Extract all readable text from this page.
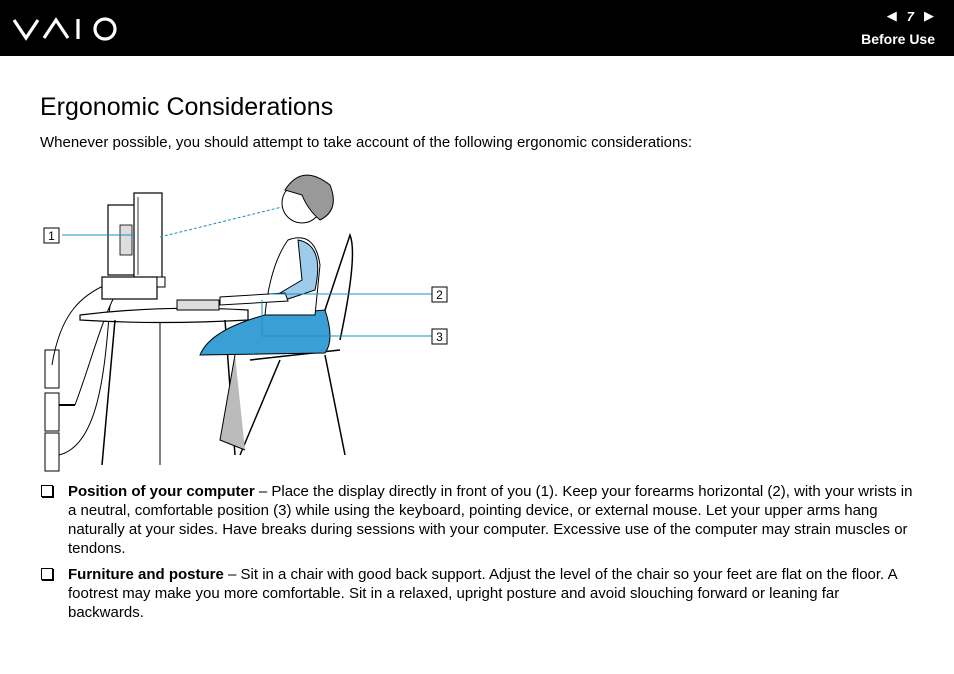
◀ 7 ▶
Before Use
Ergonomic Considerations

Whenever possible, you should attempt to take account of the following ergonomic considerations:

1
2
3
Position of your computer – Place the display directly in front of you (1). Keep your forearms horizontal (2), with your wrists in a neutral, comfortable position (3) while using the keyboard, pointing device, or external mouse. Let your upper arms hang naturally at your sides. Have breaks during sessions with your computer. Excessive use of the computer may strain muscles or tendons.
Furniture and posture – Sit in a chair with good back support. Adjust the level of the chair so your feet are flat on the floor. A footrest may make you more comfortable. Sit in a relaxed, upright posture and avoid slouching forward or leaning far backwards.
